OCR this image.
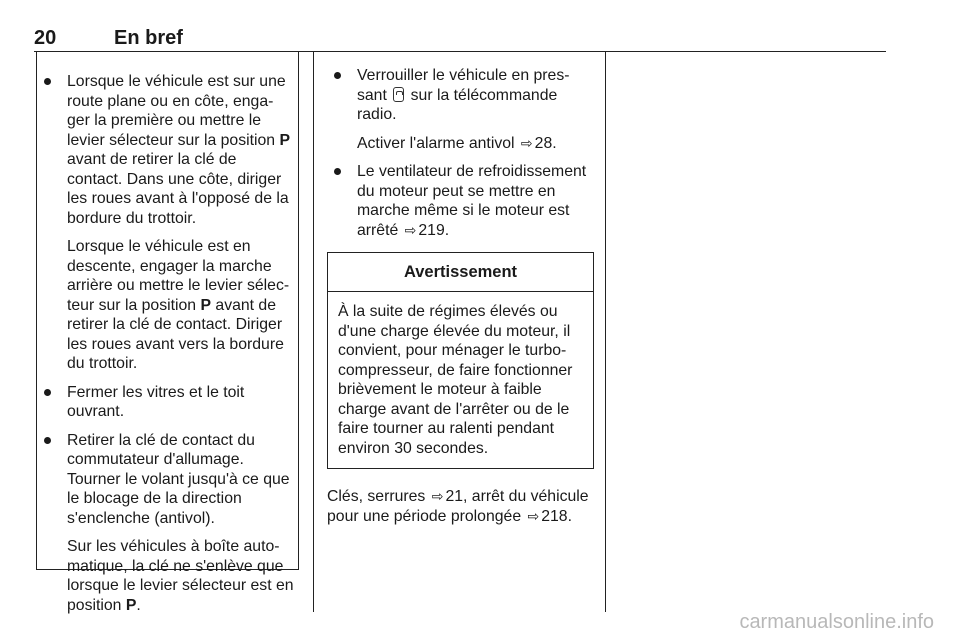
20	En bref

Lorsque le véhicule est sur une route plane ou en côte, enga-ger la première ou mettre le levier sélecteur sur la position P avant de retirer la clé de contact. Dans une côte, diriger les roues avant à l'opposé de la bordure du trottoir.

Lorsque le véhicule est en descente, engager la marche arrière ou mettre le levier sélec-teur sur la position P avant de retirer la clé de contact. Diriger les roues avant vers la bordure du trottoir.

Fermer les vitres et le toit ouvrant.

Retirer la clé de contact du commutateur d'allumage. Tourner le volant jusqu'à ce que le blocage de la direction s'enclenche (antivol).

Sur les véhicules à boîte auto-matique, la clé ne s'enlève que lorsque le levier sélecteur est en position P.

Verrouiller le véhicule en pres-sant  sur la télécommande radio.

Activer l'alarme antivol ⇨ 28.

Le ventilateur de refroidissement du moteur peut se mettre en marche même si le moteur est arrêté ⇨ 219.

Avertissement
À la suite de régimes élevés ou d'une charge élevée du moteur, il convient, pour ménager le turbo-compresseur, de faire fonctionner brièvement le moteur à faible charge avant de l'arrêter ou de le faire tourner au ralenti pendant environ 30 secondes.

Clés, serrures ⇨ 21, arrêt du véhicule pour une période prolongée ⇨ 218.

carmanualsonline.info
